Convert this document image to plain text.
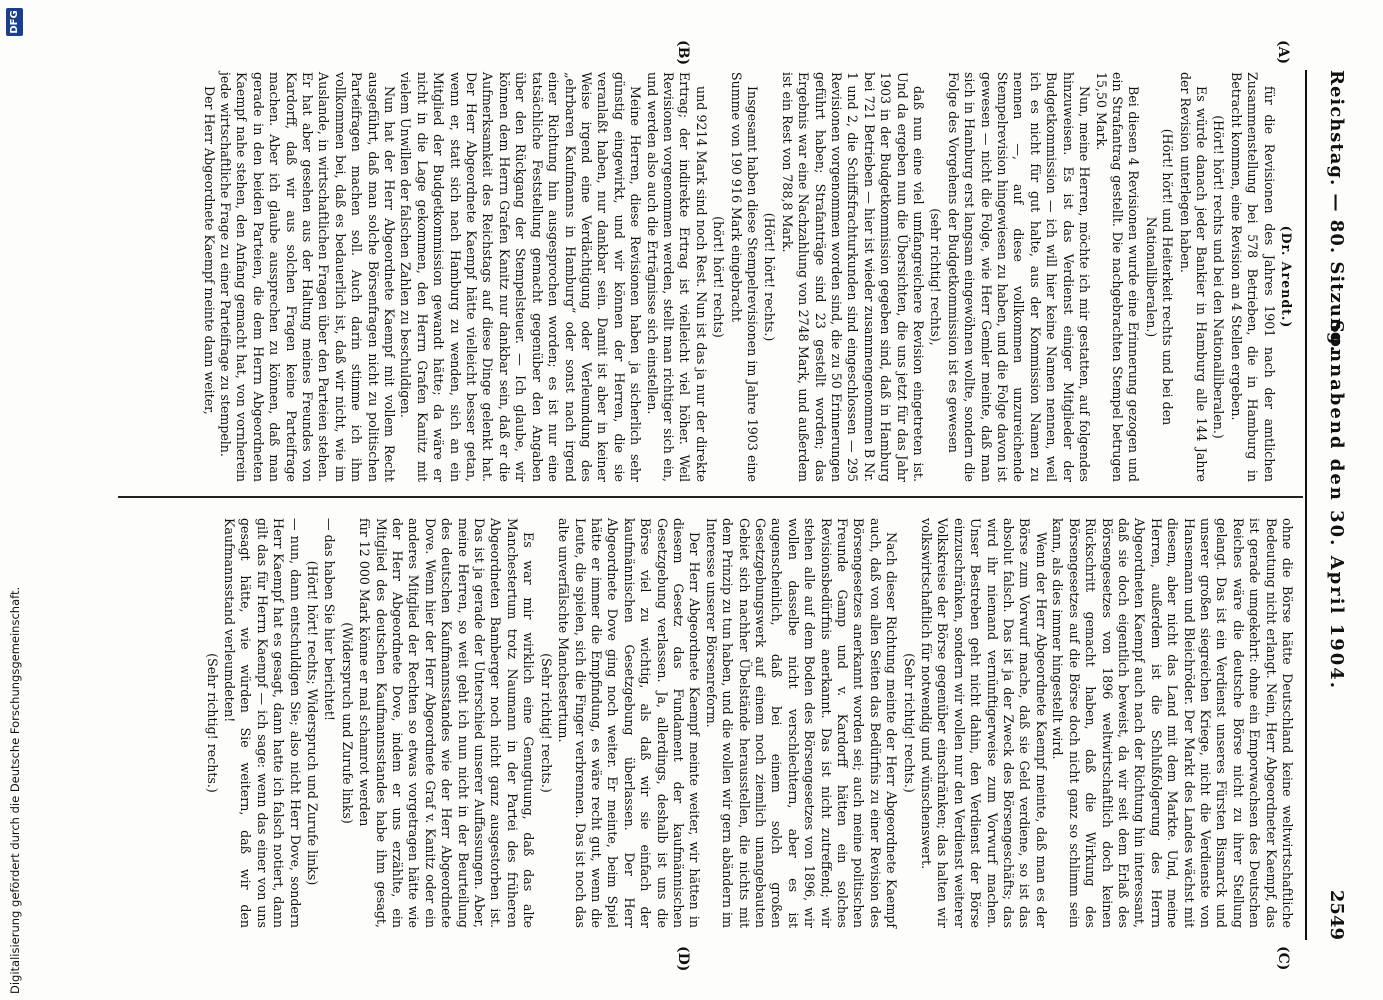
Reichstag. — 80. Sitzung.
Sonnabend den 30. April 1904.
2549
(A)
(B)
(C)
(D)

(Dr. Arendt.)

für die Revisionen des Jahres 1901 nach der amtlichen Zusammenstellung bei 578 Betrieben, die in Hamburg in Betracht kommen, eine Revision an 4 Stellen ergeben.

(Hört! hört! rechts und bei den Nationalliberalen.)

Es würde danach jeder Bankier in Hamburg alle 144 Jahre der Revision unterlegen haben.

(Hört! hört! und Heiterkeit rechts und bei den Nationalliberalen.)

Bei diesen 4 Revisionen wurde eine Erinnerung gezogen und ein Strafantrag gestellt. Die nachgebrachten Stempel betrugen 15,50 Mark.

Nun, meine Herren, möchte ich mir gestatten, auf folgendes hinzuweisen. Es ist das Verdienst einiger Mitglieder der Budgetkommission — ich will hier keine Namen nennen, weil ich es nicht für gut halte, aus der Kommission Namen zu nennen —, auf diese vollkommen unzureichende Stempelrevision hingewiesen zu haben, und die Folge davon ist gewesen — nicht die Folge, wie Herr Gemler meinte, daß man sich in Hamburg erst langsam eingewöhnen wollte, sondern die Folge des Vorgehens der Budgetkommission ist es gewesen

(sehr richtig! rechts),

daß nun eine viel umfangreichere Revision eingetreten ist. Und da ergeben nun die Übersichten, die uns jetzt für das Jahr 1903 in der Budgetkommission gegeben sind, daß in Hamburg bei 721 Betrieben — hier ist wieder zusammengenommen B Nr. 1 und 2, die Schiffsfrachturkunden sind eingeschlossen — 295 Revisionen vorgenommen worden sind, die zu 50 Erinnerungen geführt haben; Strafanträge sind 23 gestellt worden; das Ergebnis war eine Nachzahlung von 2748 Mark, und außerdem ist ein Rest von 788,8 Mark.

(Hört! hört! rechts.)

Insgesamt haben diese Stempelrevisionen im Jahre 1903 eine Summe von 190 916 Mark eingebracht

(hört! hört! rechts)

und 9214 Mark sind noch Rest. Nun ist das ja nur der direkte Ertrag; der indirekte Ertrag ist vielleicht viel höher. Weil Revisionen vorgenommen werden, stellt man richtiger sich ein, und werden also auch die Erträgnisse sich einstellen.

Meine Herren, diese Revisionen haben ja sicherlich sehr günstig eingewirkt, und wir können der Herren, die sie veranlaßt haben, nur dankbar sein. Damit ist aber in keiner Weise irgend eine Verdächtigung oder Verleumdung des „ehrbaren Kaufmanns in Hamburg“ oder sonst nach irgend einer Richtung hin ausgesprochen worden; es ist nur eine tatsächliche Feststellung gemacht gegenüber den Angaben über den Rückgang der Stempelsteuer. — Ich glaube, wir können dem Herrn Grafen Kanitz nur dankbar sein, daß er die Aufmerksamkeit des Reichstags auf diese Dinge gelenkt hat. Der Herr Abgeordnete Kaempf hätte vielleicht besser getan, wenn er, statt sich nach Hamburg zu wenden, sich an ein Mitglied der Budgetkommission gewandt hätte; da wäre er nicht in die Lage gekommen, den Herrn Grafen Kanitz mit vielem Unwillen der falschen Zahlen zu beschuldigen.

Nun hat der Herr Abgeordnete Kaempf mit vollem Recht ausgeführt, daß man solche Börsenfragen nicht zu politischen Parteifragen machen soll. Auch darin stimme ich ihm vollkommen bei, daß es bedauerlich ist, daß wir nicht, wie im Auslande, in wirtschaftlichen Fragen über den Parteien stehen. Er hat aber gesehen aus der Haltung meines Freundes von Kardorff, daß wir aus solchen Fragen keine Parteifrage machen. Aber ich glaube aussprechen zu können, daß man gerade in den beiden Parteien, die dem Herrn Abgeordneten Kaempf nahe stehen, den Anfang gemacht hat, von vornherein jede wirtschaftliche Frage zu einer Parteifrage zu stempeln.

Der Herr Abgeordnete Kaempf meinte dann weiter,

ohne die Börse hätte Deutschland keine weltwirtschaftliche Bedeutung nicht erlangt. Nein, Herr Abgeordneter Kaempf, das ist gerade umgekehrt: ohne ein Emporwachsen des Deutschen Reiches wäre die deutsche Börse nicht zu ihrer Stellung gelangt. Das ist ein Verdienst unseres Fürsten Bismarck und unserer großen siegreichen Kriege, nicht die Verdienste von Hansemann und Bleichröder. Der Markt des Landes wächst mit diesem, aber nicht das Land mit dem Markte. Und, meine Herren, außerdem ist die Schlußfolgerung des Herrn Abgeordneten Kaempf auch nach der Richtung hin interessant, daß sie doch eigentlich beweist, da wir seit dem Erlaß des Börsengesetzes von 1896 weltwirtschaftlich doch keinen Rückschritt gemacht haben, daß die Wirkung des Börsengesetzes auf die Börse doch nicht ganz so schlimm sein kann, als dies immer hingestellt wird.

Wenn der Herr Abgeordnete Kaempf meinte, daß man es der Börse zum Vorwurf mache, daß sie Geld verdiene, so ist das absolut falsch. Das ist ja der Zweck des Börsengeschäfts; das wird ihr niemand vernünftigerweise zum Vorwurf machen. Unser Bestreben geht nicht dahin, den Verdienst der Börse einzuschränken, sondern wir wollen nur den Verdienst weiterer Volkskreise der Börse gegenüber einschränken; das halten wir volkswirtschaftlich für notwendig und wünschenswert.

(Sehr richtig! rechts.)

Nach dieser Richtung meinte der Herr Abgeordnete Kaempf auch, daß von allen Seiten das Bedürfnis zu einer Revision des Börsengesetzes anerkannt worden sei; auch meine politischen Freunde Gamp und v. Kardorff hätten ein solches Revisionsbedürfnis anerkannt. Das ist nicht zutreffend; wir stehen alle auf dem Boden des Börsengesetzes von 1896, wir wollen dasselbe nicht verschlechtern, aber es ist augenscheinlich, daß bei einem solch großen Gesetzgebungswerk auf einem noch ziemlich unangebauten Gebiet sich nachher Übelstände herausstellen, die nichts mit dem Prinzip zu tun haben, und die wollen wir gern abändern im Interesse unserer Börsenreform.

Der Herr Abgeordnete Kaempf meinte weiter, wir hätten in diesem Gesetz das Fundament der kaufmännischen Gesetzgebung verlassen. Ja, allerdings, deshalb ist uns die Börse viel zu wichtig, als daß wir sie einfach der kaufmännischen Gesetzgebung überlassen. Der Herr Abgeordnete Dove ging noch weiter. Er meinte, beim Spiel hätte er immer die Empfindung, es wäre recht gut, wenn die Leute, die spielen, sich die Finger verbrennen. Das ist noch das alte unverfälschte Manchestertum.

(Sehr richtig! rechts.)

Es war mir wirklich eine Genugtuung, daß das alte Manchestertum trotz Naumann in der Partei des früheren Abgeordneten Bamberger noch nicht ganz ausgestorben ist. Das ist ja gerade der Unterschied unserer Auffassungen. Aber, meine Herren, so weit geht ich nun nicht in der Beurteilung des deutschen Kaufmannsstandes wie der Herr Abgeordnete Dove. Wenn hier der Herr Abgeordnete Graf v. Kanitz oder ein anderes Mitglied der Rechten so etwas vorgetragen hätte wie der Herr Abgeordnete Dove, indem er uns erzählte, ein Mitglied des deutschen Kaufmannsstandes habe ihm gesagt, für 12 000 Mark könne er mal schamrot werden

(Widerspruch und Zurufe links)

— das haben Sie hier berichtet!

(Hört! hört! rechts; Widerspruch und Zurufe links)

— nun, dann entschuldigen Sie; also nicht Herr Dove, sondern Herr Kaempf hat es gesagt, dann hatte ich falsch notiert, dann gilt das für Herrn Kaempf — ich sage: wenn das einer von uns gesagt hätte, wie würden Sie weitern, daß wir den Kaufmannsstand verleumdeten!

(Sehr richtig! rechts.)

Digitalisierung gefördert durch die Deutsche Forschungsgemeinschaft.
DFG
